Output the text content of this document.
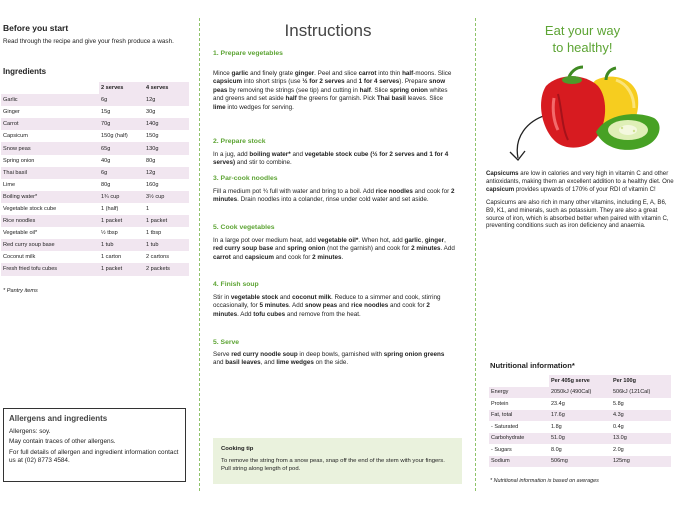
Before you start
Read through the recipe and give your fresh produce a wash.
Ingredients
	2 serves	4 serves
Garlic	6g	12g
Ginger	15g	30g
Carrot	70g	140g
Capsicum	150g (half)	150g
Snow peas	65g	130g
Spring onion	40g	80g
Thai basil	6g	12g
Lime	80g	160g
Boiling water*	1¾ cup	3½ cup
Vegetable stock cube	1 (half)	1
Rice noodles	1 packet	1 packet
Vegetable oil*	½ tbsp	1 tbsp
Red curry soup base	1 tub	1 tub
Coconut milk	1 carton	2 cartons
Fresh fried tofu cubes	1 packet	2 packets
* Pantry items
Allergens and ingredients

Allergens: soy.

May contain traces of other allergens.

For full details of allergen and ingredient information contact us at (02) 8773 4584.

Instructions
1. Prepare vegetables
Mince garlic and finely grate ginger. Peel and slice carrot into thin half-moons. Slice capsicum into short strips (use ½ for 2 serves and 1 for 4 serves). Prepare snow peas by removing the strings (see tip) and cutting in half. Slice spring onion whites and greens and set aside half the greens for garnish. Pick Thai basil leaves. Slice lime into wedges for serving.
2. Prepare stock
In a jug, add boiling water* and vegetable stock cube (½ for 2 serves and 1 for 4 serves) and stir to combine.
3. Par-cook noodles
Fill a medium pot ¾ full with water and bring to a boil. Add rice noodles and cook for 2 minutes. Drain noodles into a colander, rinse under cold water and set aside.
5. Cook vegetables
In a large pot over medium heat, add vegetable oil*. When hot, add garlic, ginger, red curry soup base and spring onion (not the garnish) and cook for 2 minutes. Add carrot and capsicum and cook for 2 minutes.
4. Finish soup
Stir in vegetable stock and coconut milk. Reduce to a simmer and cook, stirring occasionally, for 5 minutes. Add snow peas and rice noodles and cook for 2 minutes. Add tofu cubes and remove from the heat.
5. Serve
Serve red curry noodle soup in deep bowls, garnished with spring onion greens and basil leaves, and lime wedges on the side.
Cooking tip
To remove the string from a snow peas, snap off the end of the stem with your fingers. Pull string along length of pod.
Eat your way
to healthy!

Capsicums are low in calories and very high in vitamin C and other antioxidants, making them an excellent addition to a healthy diet. One capsicum provides upwards of 170% of your RDI of vitamin C!

Capsicums are also rich in many other vitamins, including E, A, B6, B9, K1, and minerals, such as potassium. They are also a great source of iron, which is absorbed better when paired with vitamin C, preventing conditions such as iron deficiency and anaemia.

Nutritional information*
	Per 405g serve	Per 100g
Energy	2050kJ (490Cal)	506kJ (121Cal)
Protein	23.4g	5.8g
Fat, total	17.6g	4.3g
- Saturated	1.8g	0.4g
Carbohydrate	51.0g	13.0g
- Sugars	8.0g	2.0g
Sodium	506mg	125mg
* Nutritional information is based on averages
